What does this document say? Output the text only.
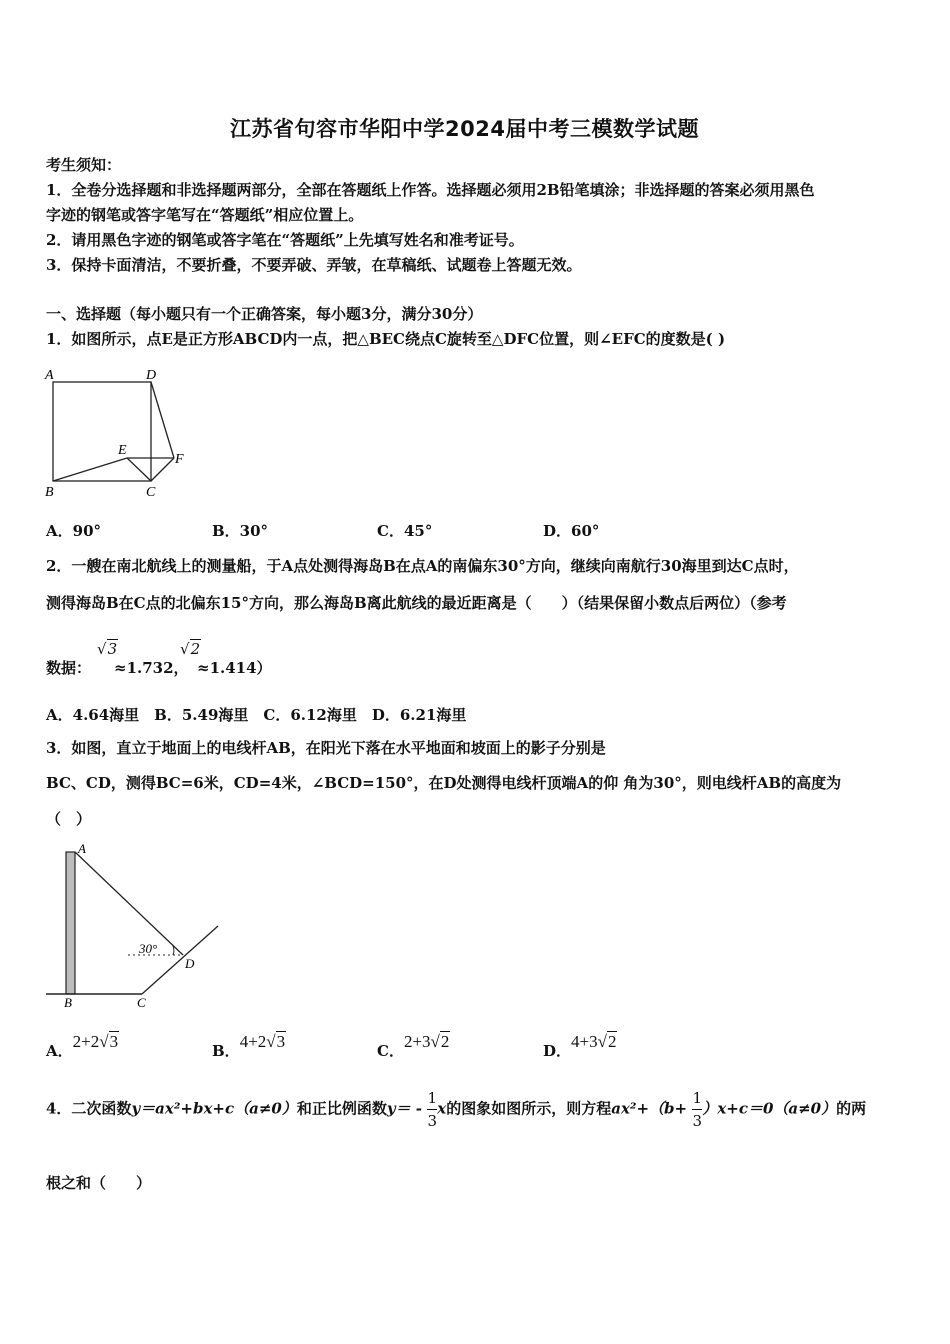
江苏省句容市华阳中学2024届中考三模数学试题
考生须知：
1．全卷分选择题和非选择题两部分，全部在答题纸上作答。选择题必须用2B铅笔填涂；非选择题的答案必须用黑色
字迹的钢笔或答字笔写在“答题纸”相应位置上。
2．请用黑色字迹的钢笔或答字笔在“答题纸”上先填写姓名和准考证号。
3．保持卡面清洁，不要折叠，不要弄破、弄皱，在草稿纸、试题卷上答题无效。
一、选择题（每小题只有一个正确答案，每小题3分，满分30分）
1．如图所示，点E是正方形ABCD内一点，把△BEC绕点C旋转至△DFC位置，则∠EFC的度数是( )
A	D
B	C
E
F
A．90°	B．30°	C．45°	D．60°
2．一艘在南北航线上的测量船，于A点处测得海岛B在点A的南偏东30°方向，继续向南航行30海里到达C点时，
测得海岛B在C点的北偏东15°方向，那么海岛B离此航线的最近距离是（　　）（结果保留小数点后两位）（参考
数据：
√3
≈1.732，
√2
≈1.414）
A．4.64海里　B．5.49海里　C．6.12海里　D．6.21海里
3．如图，直立于地面上的电线杆AB，在阳光下落在水平地面和坡面上的影子分别是
BC、CD，测得BC=6米，CD=4米，∠BCD=150°，在D处测得电线杆顶端A的仰 角为30°，则电线杆AB的高度为
（　）
A
B	C
D
30°
A．2+2√3	B．4+2√3	C．2+3√2	D．4+3√2
4．二次函数y＝ax²+bx+c（a≠0）和正比例函数$y= - \frac{1}{3}$ x的图象如图所示，则方程$ax^2+(b+ \frac{1}{3} )x+c=0(a\ne 0)$的两
根之和（　　）
